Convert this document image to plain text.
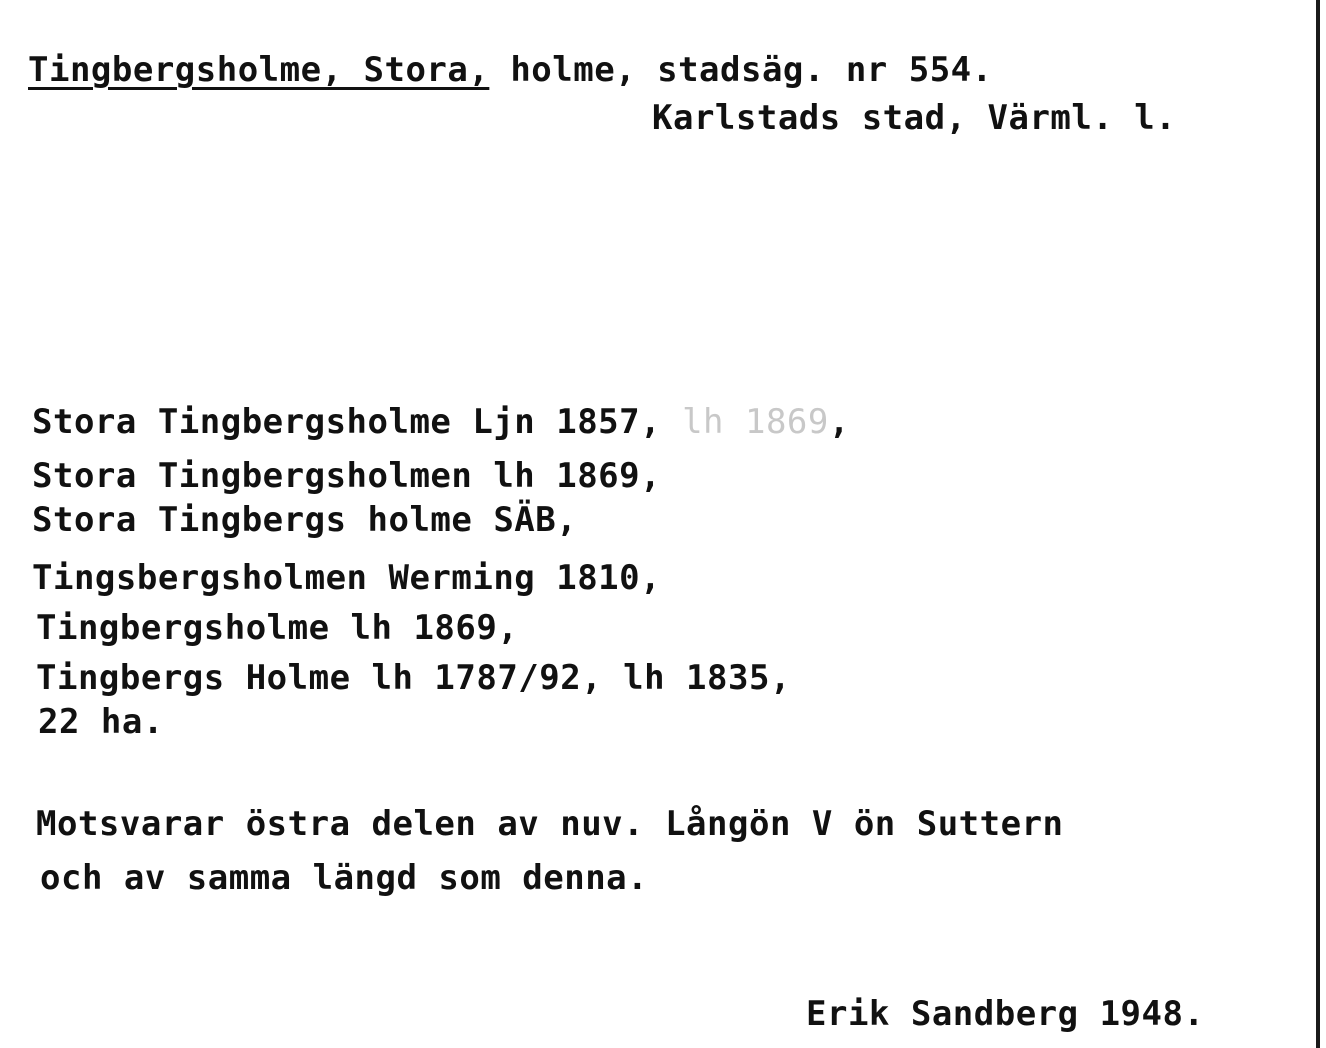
Tingbergsholme, Stora, holme, stadsäg. nr 554.
Karlstads stad, Värml. l.
Stora Tingbergsholme Ljn 1857, lh 1869,
Stora Tingbergsholmen lh 1869,
Stora Tingbergs holme SÄB,
Tingsbergsholmen Werming 1810,
Tingbergsholme lh 1869,
Tingbergs Holme lh 1787/92, lh 1835,
22 ha.
Motsvarar östra delen av nuv. Långön V ön Suttern
och av samma längd som denna.
Erik Sandberg 1948.
